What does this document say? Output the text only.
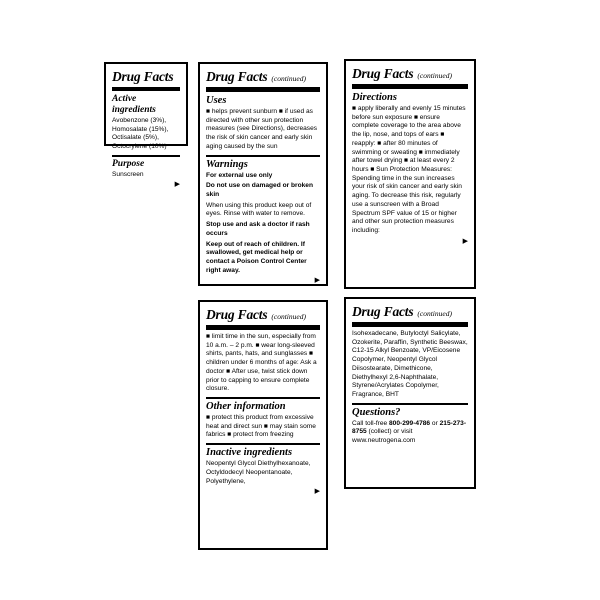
Drug Facts
Active ingredients

Avobenzone (3%), Homosalate (15%), Octisalate (5%), Octocrylene (10%)

Purpose

Sunscreen

▶
Drug Facts (continued)
Uses

■ helps prevent sunburn ■ if used as directed with other sun protection measures (see Directions), decreases the risk of skin cancer and early skin aging caused by the sun

Warnings

For external use only

Do not use on damaged or broken skin

When using this product keep out of eyes. Rinse with water to remove.

Stop use and ask a doctor if rash occurs

Keep out of reach of children. If swallowed, get medical help or contact a Poison Control Center right away.

▶
Drug Facts (continued)
Directions

■ apply liberally and evenly 15 minutes before sun exposure ■ ensure complete coverage to the area above the lip, nose, and tops of ears ■ reapply: ■ after 80 minutes of swimming or sweating ■ immediately after towel drying ■ at least every 2 hours ■ Sun Protection Measures: Spending time in the sun increases your risk of skin cancer and early skin aging. To decrease this risk, regularly use a sunscreen with a Broad Spectrum SPF value of 15 or higher and other sun protection measures including:

▶
Drug Facts (continued)

■ limit time in the sun, especially from 10 a.m. – 2 p.m. ■ wear long-sleeved shirts, pants, hats, and sunglasses ■ children under 6 months of age: Ask a doctor ■ After use, twist stick down prior to capping to ensure complete closure.

Other information

■ protect this product from excessive heat and direct sun ■ may stain some fabrics ■ protect from freezing

Inactive ingredients

Neopentyl Glycol Diethylhexanoate, Octyldodecyl Neopentanoate, Polyethylene,

▶
Drug Facts (continued)

Isohexadecane, Butyloctyl Salicylate, Ozokerite, Paraffin, Synthetic Beeswax, C12-15 Alkyl Benzoate, VP/Eicosene Copolymer, Neopentyl Glycol Diisostearate, Dimethicone, Diethylhexyl 2,6-Naphthalate, Styrene/Acrylates Copolymer, Fragrance, BHT

Questions?

Call toll-free 800-299-4786 or 215-273-8755 (collect) or visit www.neutrogena.com
